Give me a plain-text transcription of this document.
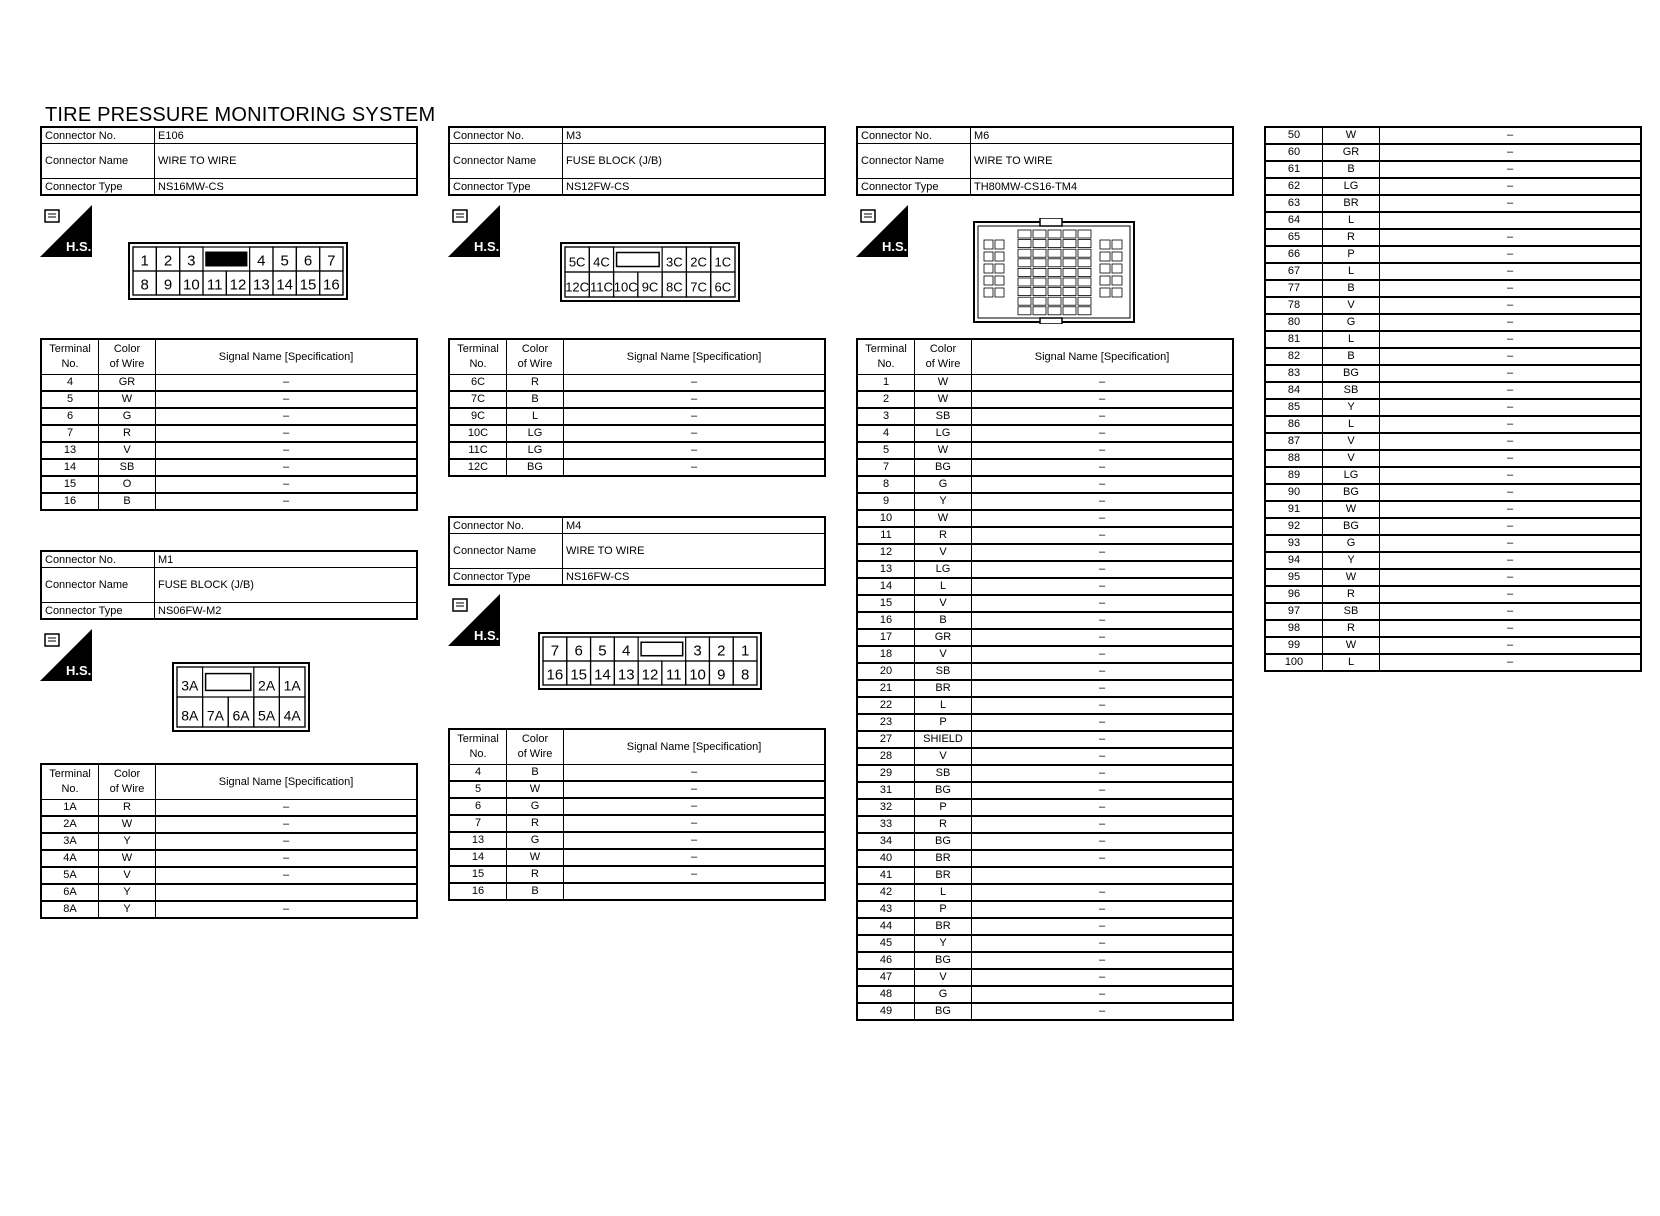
TIRE PRESSURE MONITORING SYSTEM
Connector No.	E106
Connector Name	WIRE TO WIRE
Connector Type	NS16MW-CS
H.S.
1 2 3	4 5 6 7
8 9 10 11 12 13 14 15 16
Terminal
No.	Color
of Wire	Signal Name [Specification]
4	GR	–
5	W	–
6	G	–
7	R	–
13	V	–
14	SB	–
15	O	–
16	B	–
Connector No.	M1
Connector Name	FUSE BLOCK (J/B)
Connector Type	NS06FW-M2
H.S.
3A	2A 1A
8A 7A 6A 5A 4A
Terminal
No.	Color
of Wire	Signal Name [Specification]
1A	R	–
2A	W	–
3A	Y	–
4A	W	–
5A	V	–
6A	Y	
8A	Y	–
Connector No.	M3
Connector Name	FUSE BLOCK (J/B)
Connector Type	NS12FW-CS
H.S.
5C 4C	3C 2C 1C
12C 11C 10C 9C 8C 7C 6C
Terminal
No.	Color
of Wire	Signal Name [Specification]
6C	R	–
7C	B	–
9C	L	–
10C	LG	–
11C	LG	–
12C	BG	–
Connector No.	M4
Connector Name	WIRE TO WIRE
Connector Type	NS16FW-CS
H.S.
7 6 5 4	3 2 1
16 15 14 13 12 11 10 9 8
Terminal
No.	Color
of Wire	Signal Name [Specification]
4	B	–
5	W	–
6	G	–
7	R	–
13	G	–
14	W	–
15	R	–
16	B	
Connector No.	M6
Connector Name	WIRE TO WIRE
Connector Type	TH80MW-CS16-TM4
H.S.
Terminal
No.	Color
of Wire	Signal Name [Specification]
1	W	–
2	W	–
3	SB	–
4	LG	–
5	W	–
7	BG	–
8	G	–
9	Y	–
10	W	–
11	R	–
12	V	–
13	LG	–
14	L	–
15	V	–
16	B	–
17	GR	–
18	V	–
20	SB	–
21	BR	–
22	L	–
23	P	–
27	SHIELD	–
28	V	–
29	SB	–
31	BG	–
32	P	–
33	R	–
34	BG	–
40	BR	–
41	BR	
42	L	–
43	P	–
44	BR	–
45	Y	–
46	BG	–
47	V	–
48	G	–
49	BG	–
50	W	–
60	GR	–
61	B	–
62	LG	–
63	BR	–
64	L	
65	R	–
66	P	–
67	L	–
77	B	–
78	V	–
80	G	–
81	L	–
82	B	–
83	BG	–
84	SB	–
85	Y	–
86	L	–
87	V	–
88	V	–
89	LG	–
90	BG	–
91	W	–
92	BG	–
93	G	–
94	Y	–
95	W	–
96	R	–
97	SB	–
98	R	–
99	W	–
100	L	–
